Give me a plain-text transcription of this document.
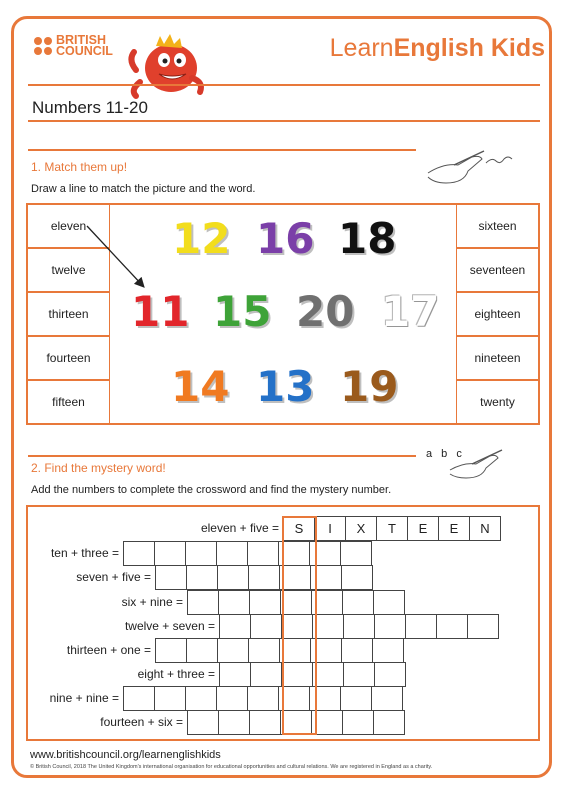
BRITISH
COUNCIL	LearnEnglish Kids
Numbers 11-20
1. Match them up!
Draw a line to match the picture and the word.
eleven
twelve
thirteen
fourteen
fifteen
sixteen
seventeen
eighteen
nineteen
twenty
12 16 18
11 15 20 17
14 13 19
a b c
2. Find the mystery word!
Add the numbers to complete the crossword and find the mystery number.
eleven + five =	S	I	X	T	E	E	N
ten + three =
seven + five =
six + nine =
twelve + seven =
thirteen + one =
eight + three =
nine + nine =
fourteen + six =
www.britishcouncil.org/learnenglishkids
© British Council, 2018 The United Kingdom's international organisation for educational opportunities and cultural relations. We are registered in England as a charity.
